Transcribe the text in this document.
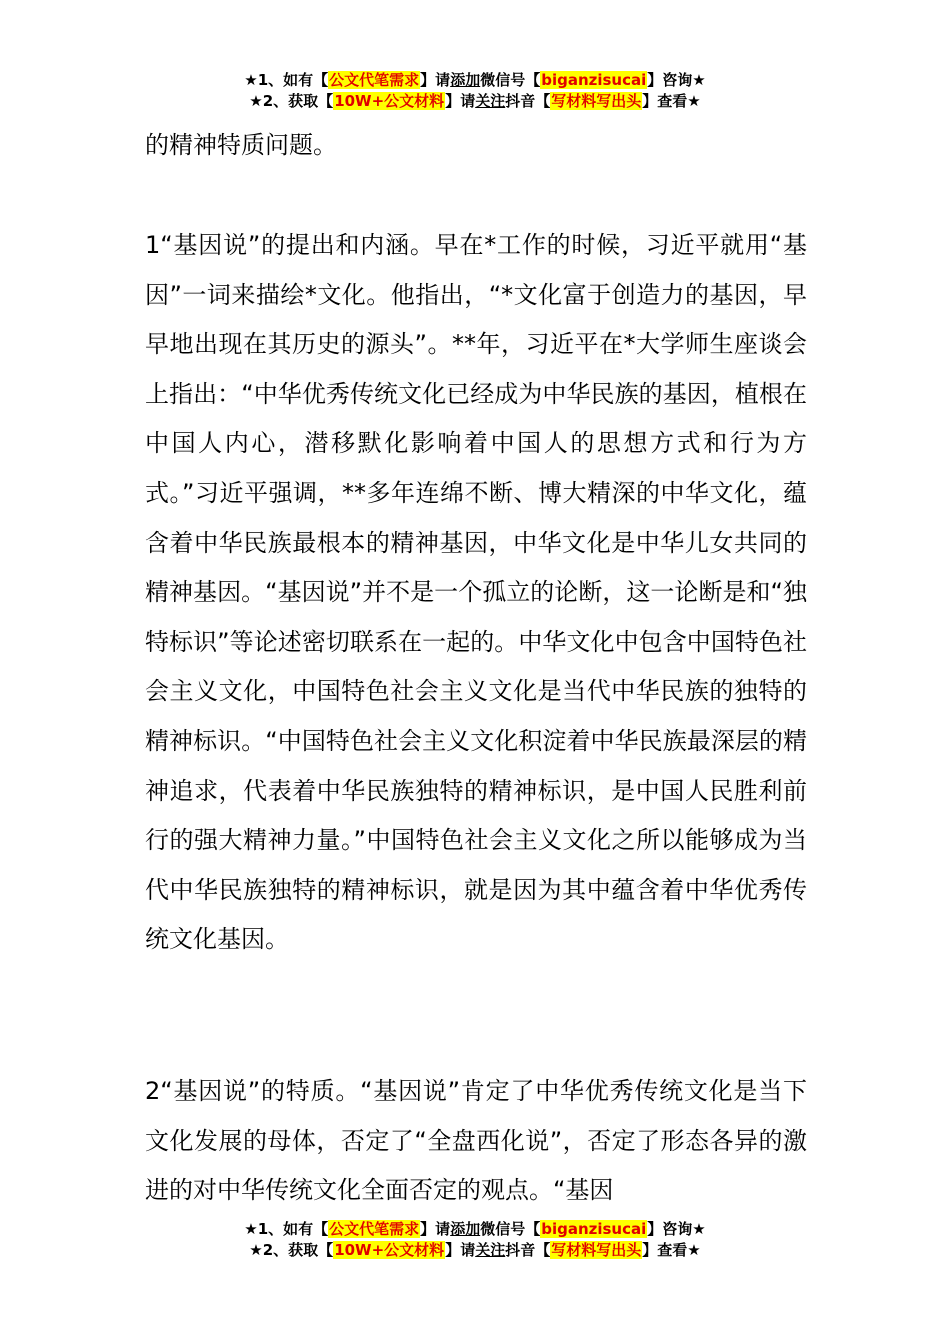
★1、如有【公文代笔需求】请添加微信号【biganzisucai】咨询★
★2、获取【10W+公文材料】请关注抖音【写材料写出头】查看★

的精神特质问题。

1“基因说”的提出和内涵。早在*工作的时候，习近平就用“基因”一词来描绘*文化。他指出，“*文化富于创造力的基因，早早地出现在其历史的源头”。**年，习近平在*大学师生座谈会上指出：“中华优秀传统文化已经成为中华民族的基因，植根在中国人内心，潜移默化影响着中国人的思想方式和行为方式。”习近平强调，**多年连绵不断、博大精深的中华文化，蕴含着中华民族最根本的精神基因，中华文化是中华儿女共同的精神基因。“基因说”并不是一个孤立的论断，这一论断是和“独特标识”等论述密切联系在一起的。中华文化中包含中国特色社会主义文化，中国特色社会主义文化是当代中华民族的独特的精神标识。“中国特色社会主义文化积淀着中华民族最深层的精神追求，代表着中华民族独特的精神标识，是中国人民胜利前行的强大精神力量。”中国特色社会主义文化之所以能够成为当代中华民族独特的精神标识，就是因为其中蕴含着中华优秀传统文化基因。

2“基因说”的特质。“基因说”肯定了中华优秀传统文化是当下文化发展的母体，否定了“全盘西化说”，否定了形态各异的激进的对中华传统文化全面否定的观点。“基因

★1、如有【公文代笔需求】请添加微信号【biganzisucai】咨询★
★2、获取【10W+公文材料】请关注抖音【写材料写出头】查看★
